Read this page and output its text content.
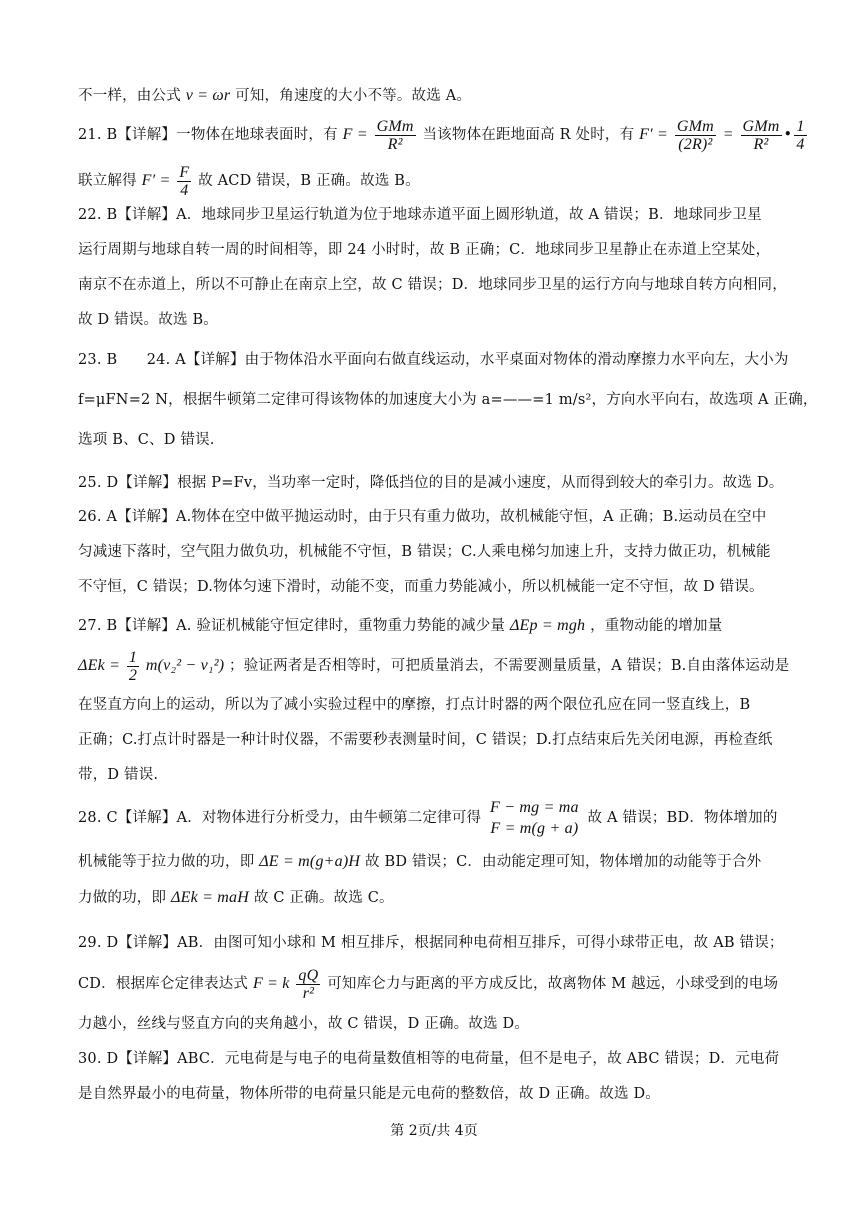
不一样，由公式 v = ωr 可知，角速度的大小不等。故选 A。
21. B【详解】一物体在地球表面时，有 $F = \frac{\text{GMm}}{\text{R²}}$ 当该物体在距地面高 R 处时，有 $F' = \frac{\text{GMm}}{\text{(2R)²}} = \frac{\text{GMm}}{\text{R²}}$ • $\frac{1}{4}$
联立解得 $F' = \frac{F}{4}$ 故 ACD 错误，B 正确。故选 B。
22. B【详解】A．地球同步卫星运行轨道为位于地球赤道平面上圆形轨道，故 A 错误；B．地球同步卫星
运行周期与地球自转一周的时间相等，即 24 小时时，故 B 正确；C．地球同步卫星静止在赤道上空某处，
南京不在赤道上，所以不可静止在南京上空，故 C 错误；D．地球同步卫星的运行方向与地球自转方向相同，
故 D 错误。故选 B。
23. B　　24. A【详解】由于物体沿水平面向右做直线运动，水平桌面对物体的滑动摩擦力水平向左，大小为
f=μFN=2 N，根据牛顿第二定律可得该物体的加速度大小为 a=——=1 m/s²，方向水平向右，故选项 A 正确，
选项 B、C、D 错误.
25. D【详解】根据 P=Fv，当功率一定时，降低挡位的目的是减小速度，从而得到较大的牵引力。故选 D。
26. A【详解】A.物体在空中做平抛运动时，由于只有重力做功，故机械能守恒，A 正确；B.运动员在空中
匀减速下落时，空气阻力做负功，机械能不守恒，B 错误；C.人乘电梯匀加速上升，支持力做正功，机械能
不守恒，C 错误；D.物体匀速下滑时，动能不变，而重力势能减小，所以机械能一定不守恒，故 D 错误。
27. B【详解】A. 验证机械能守恒定律时，重物重力势能的减少量 ΔEp = mgh ，重物动能的增加量
$\Delta Ek = \frac{1}{2} m(v_2^2 - v_1^2)$ ；验证两者是否相等时，可把质量消去，不需要测量质量，A 错误；B.自由落体运动是
在竖直方向上的运动，所以为了减小实验过程中的摩擦，打点计时器的两个限位孔应在同一竖直线上，B
正确；C.打点计时器是一种计时仪器，不需要秒表测量时间，C 错误；D.打点结束后先关闭电源，再检查纸
带，D 错误.
28. C【详解】A．对物体进行分析受力，由牛顿第二定律可得
F − mg = ma
F = m(g + a)
故 A 错误；BD．物体增加的
机械能等于拉力做的功，即 ΔE = m(g+a)H 故 BD 错误；C．由动能定理可知，物体增加的动能等于合外
力做的功，即 ΔEk = maH 故 C 正确。故选 C。
29. D【详解】AB．由图可知小球和 M 相互排斥，根据同种电荷相互排斥，可得小球带正电，故 AB 错误；
CD．根据库仑定律表达式 F = k $\frac{qQ}{\text{r²}}$ 可知库仑力与距离的平方成反比，故离物体 M 越远，小球受到的电场
力越小，丝线与竖直方向的夹角越小，故 C 错误，D 正确。故选 D。
30. D【详解】ABC．元电荷是与电子的电荷量数值相等的电荷量，但不是电子，故 ABC 错误；D．元电荷
是自然界最小的电荷量，物体所带的电荷量只能是元电荷的整数倍，故 D 正确。故选 D。
第 2页/共 4页
